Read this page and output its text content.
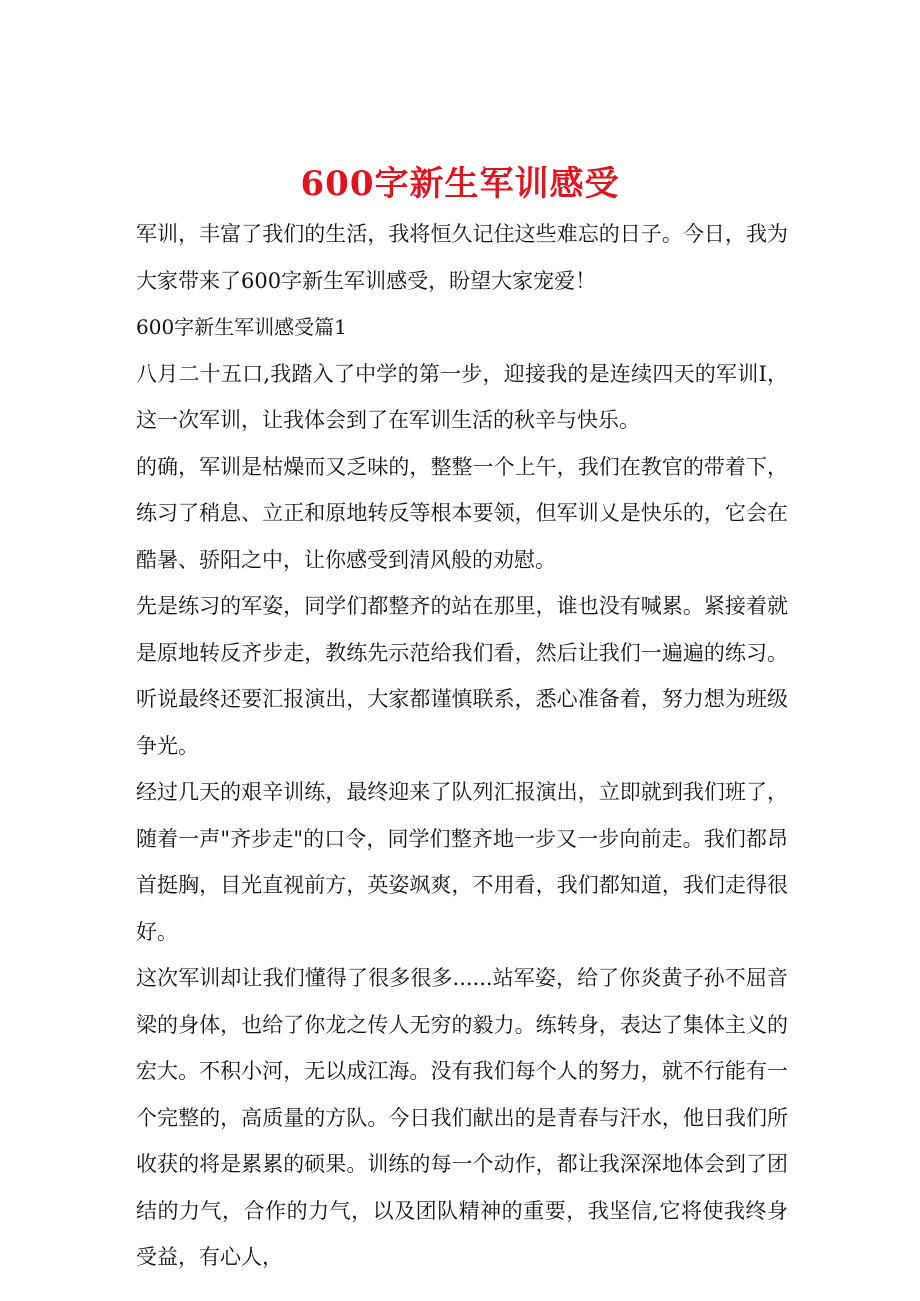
600字新生军训感受

军训，丰富了我们的生活，我将恒久记住这些难忘的日子。今日，我为大家带来了600字新生军训感受，盼望大家宠爱！

600字新生军训感受篇1

八月二十五口,我踏入了中学的第一步，迎接我的是连续四天的军训I，这一次军训，让我体会到了在军训生活的秋辛与快乐。

的确，军训是枯燥而又乏味的，整整一个上午，我们在教官的带着下，练习了稍息、立正和原地转反等根本要领，但军训乂是快乐的，它会在酷暑、骄阳之中，让你感受到清风般的劝慰。

先是练习的军姿，同学们都整齐的站在那里，谁也没有喊累。紧接着就是原地转反齐步走，教练先示范给我们看，然后让我们一遍遍的练习。听说最终还要汇报演出，大家都谨慎联系，悉心准备着，努力想为班级争光。

经过几天的艰辛训练，最终迎来了队列汇报演出，立即就到我们班了，随着一声"齐步走"的口令，同学们整齐地一步又一步向前走。我们都昂首挺胸，目光直视前方，英姿飒爽，不用看，我们都知道，我们走得很好。

这次军训却让我们懂得了很多很多......站军姿，给了你炎黄子孙不屈音梁的身体，也给了你龙之传人无穷的毅力。练转身，表达了集体主义的宏大。不积小河，无以成江海。没有我们每个人的努力，就不行能有一个完整的，高质量的方队。今日我们献出的是青春与汗水，他日我们所收获的将是累累的硕果。训练的每一个动作，都让我深深地体会到了团结的力气，合作的力气，以及团队精神的重要，我坚信,它将使我终身受益，有心人，
